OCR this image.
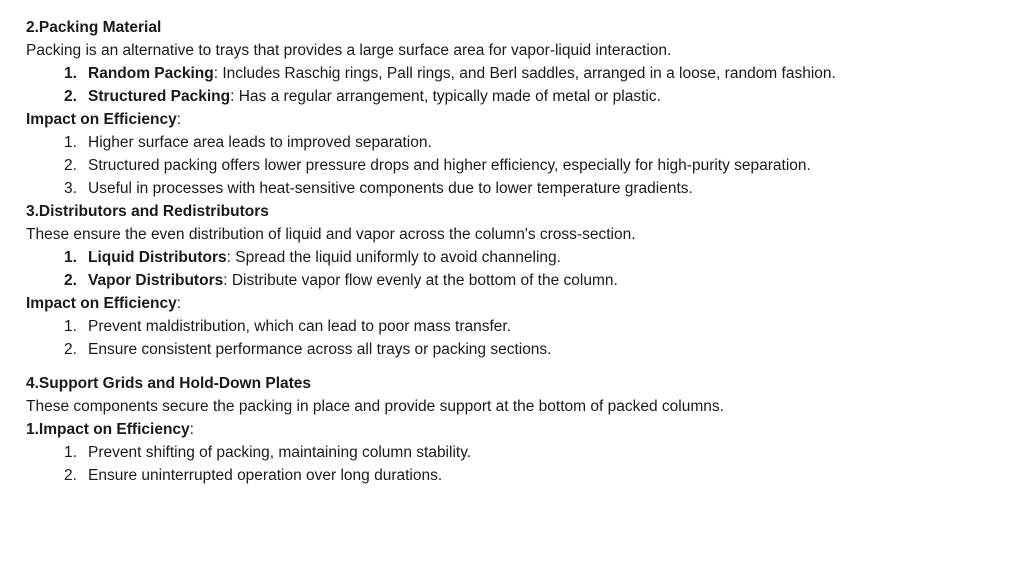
2.Packing Material
Packing is an alternative to trays that provides a large surface area for vapor-liquid interaction.
1. Random Packing: Includes Raschig rings, Pall rings, and Berl saddles, arranged in a loose, random fashion.
2. Structured Packing: Has a regular arrangement, typically made of metal or plastic.
Impact on Efficiency:
1. Higher surface area leads to improved separation.
2. Structured packing offers lower pressure drops and higher efficiency, especially for high-purity separation.
3. Useful in processes with heat-sensitive components due to lower temperature gradients.
3.Distributors and Redistributors
These ensure the even distribution of liquid and vapor across the column's cross-section.
1. Liquid Distributors: Spread the liquid uniformly to avoid channeling.
2. Vapor Distributors: Distribute vapor flow evenly at the bottom of the column.
Impact on Efficiency:
1. Prevent maldistribution, which can lead to poor mass transfer.
2. Ensure consistent performance across all trays or packing sections.
4.Support Grids and Hold-Down Plates
These components secure the packing in place and provide support at the bottom of packed columns.
1.Impact on Efficiency:
1. Prevent shifting of packing, maintaining column stability.
2. Ensure uninterrupted operation over long durations.
